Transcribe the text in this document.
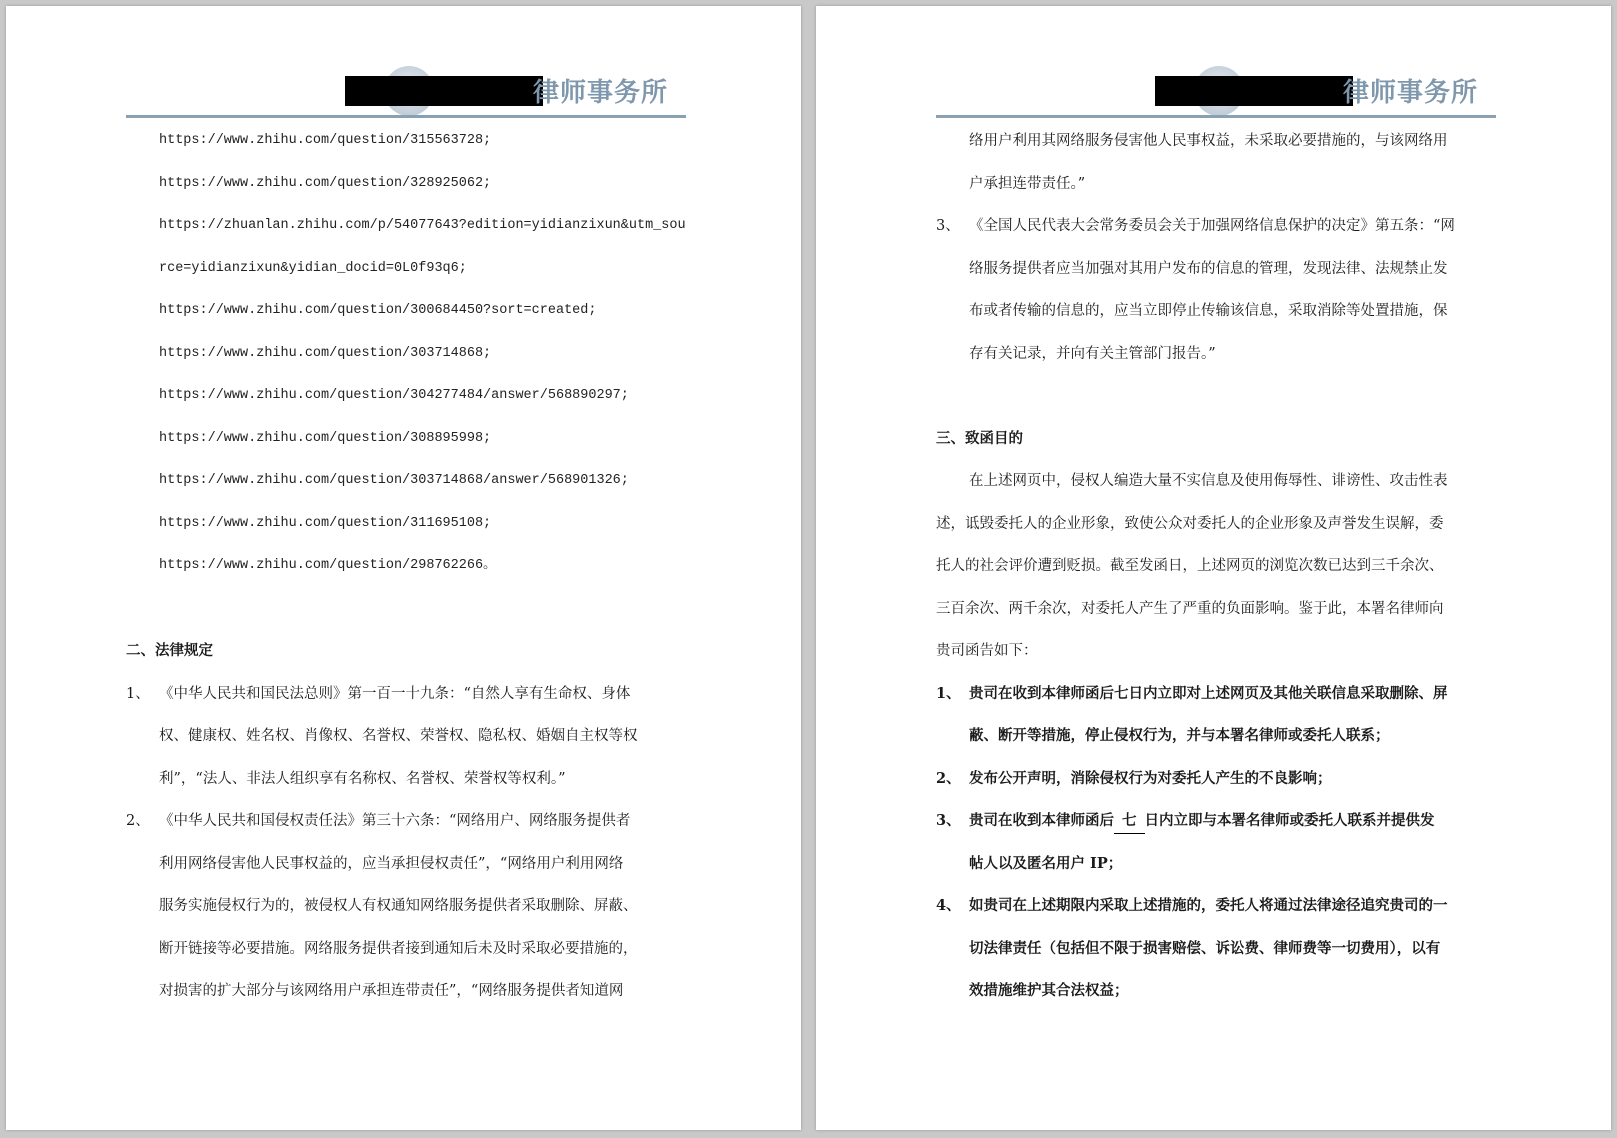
律师事务所
https://www.zhihu.com/question/315563728;
https://www.zhihu.com/question/328925062;
https://zhuanlan.zhihu.com/p/54077643?edition=yidianzixun&utm_sou
rce=yidianzixun&yidian_docid=0L0f93q6;
https://www.zhihu.com/question/300684450?sort=created;
https://www.zhihu.com/question/303714868;
https://www.zhihu.com/question/304277484/answer/568890297;
https://www.zhihu.com/question/308895998;
https://www.zhihu.com/question/303714868/answer/568901326;
https://www.zhihu.com/question/311695108;
https://www.zhihu.com/question/298762266。
二、法律规定
1、 《中华人民共和国民法总则》第一百一十九条：“自然人享有生命权、身体
权、健康权、姓名权、肖像权、名誉权、荣誉权、隐私权、婚姻自主权等权
利”，“法人、非法人组织享有名称权、名誉权、荣誉权等权利。”
2、 《中华人民共和国侵权责任法》第三十六条：“网络用户、网络服务提供者
利用网络侵害他人民事权益的，应当承担侵权责任”，“网络用户利用网络
服务实施侵权行为的，被侵权人有权通知网络服务提供者采取删除、屏蔽、
断开链接等必要措施。网络服务提供者接到通知后未及时采取必要措施的，
对损害的扩大部分与该网络用户承担连带责任”，“网络服务提供者知道网
律师事务所
络用户利用其网络服务侵害他人民事权益，未采取必要措施的，与该网络用
户承担连带责任。”
3、 《全国人民代表大会常务委员会关于加强网络信息保护的决定》第五条：“网
络服务提供者应当加强对其用户发布的信息的管理，发现法律、法规禁止发
布或者传输的信息的，应当立即停止传输该信息，采取消除等处置措施，保
存有关记录，并向有关主管部门报告。”
三、致函目的
在上述网页中，侵权人编造大量不实信息及使用侮辱性、诽谤性、攻击性表
述，诋毁委托人的企业形象，致使公众对委托人的企业形象及声誉发生误解，委
托人的社会评价遭到贬损。截至发函日，上述网页的浏览次数已达到三千余次、
三百余次、两千余次，对委托人产生了严重的负面影响。鉴于此，本署名律师向
贵司函告如下：
1、 贵司在收到本律师函后七日内立即对上述网页及其他关联信息采取删除、屏
蔽、断开等措施，停止侵权行为，并与本署名律师或委托人联系；
2、 发布公开声明，消除侵权行为对委托人产生的不良影响；
3、 贵司在收到本律师函后 七 日内立即与本署名律师或委托人联系并提供发
帖人以及匿名用户 IP；
4、 如贵司在上述期限内采取上述措施的，委托人将通过法律途径追究贵司的一
切法律责任（包括但不限于损害赔偿、诉讼费、律师费等一切费用），以有
效措施维护其合法权益；
